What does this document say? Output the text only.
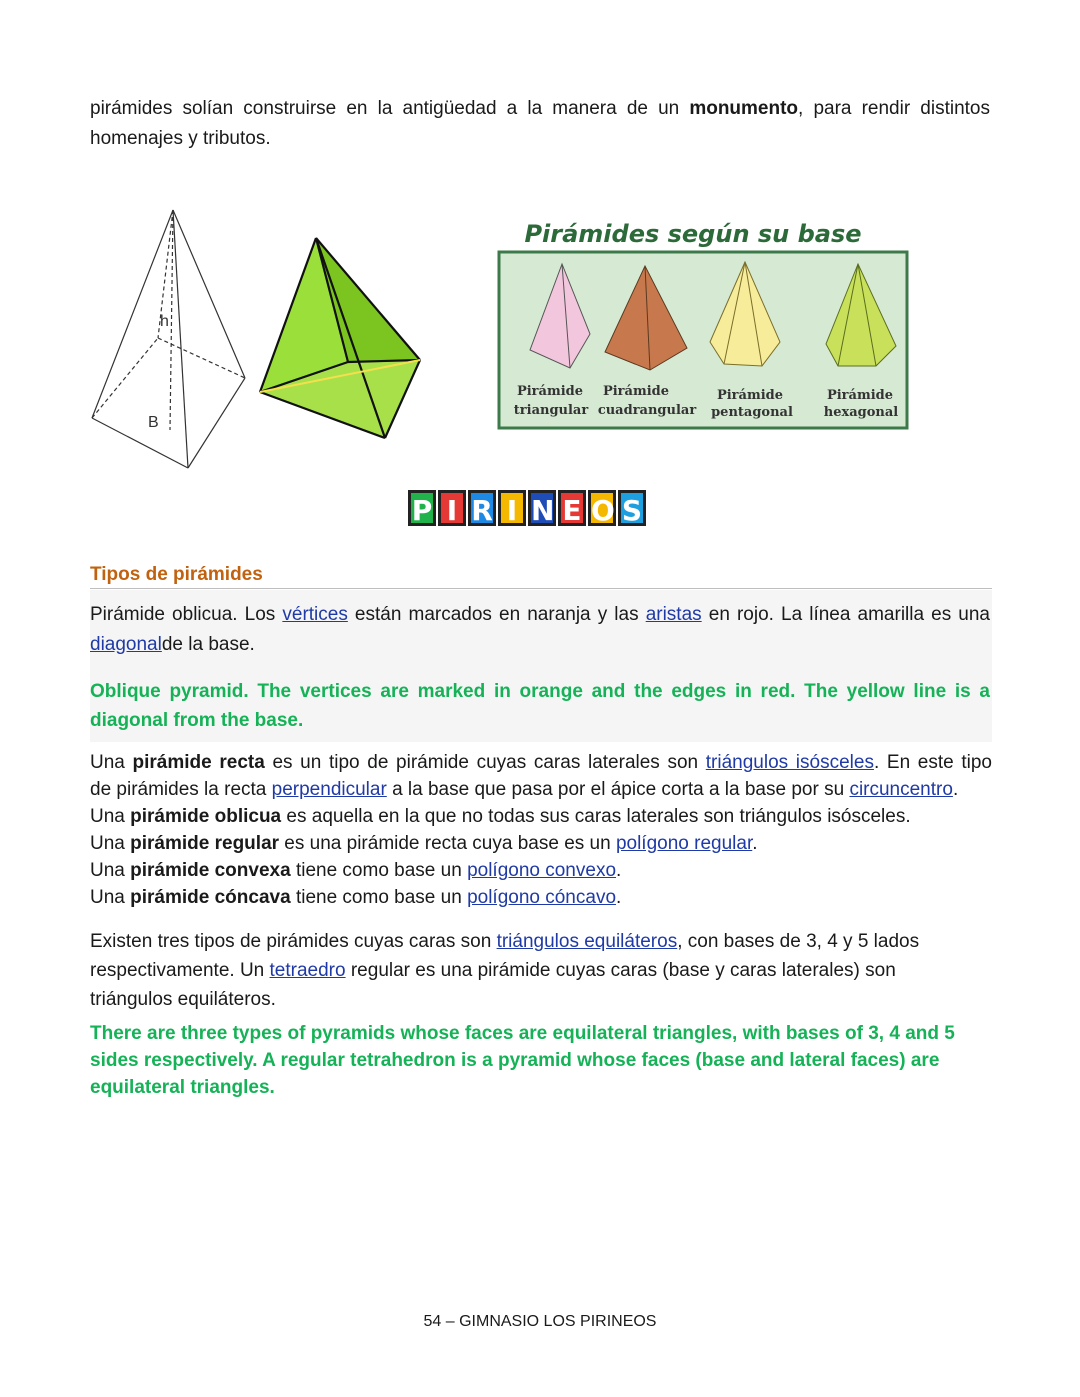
pirámides solían construirse en la antigüedad a la manera de un monumento, para rendir distintos homenajes y tributos.

h
B
Pirámides según su base
Pirámide
triangular
Pirámide
cuadrangular
Pirámide
pentagonal
Pirámide
hexagonal
P I R I N E O S
Tipos de pirámides

Pirámide oblicua. Los vértices están marcados en naranja y las aristas en rojo. La línea amarilla es una diagonalde la base.

Oblique pyramid. The vertices are marked in orange and the edges in red. The yellow line is a diagonal from the base.

Una pirámide recta es un tipo de pirámide cuyas caras laterales son triángulos isósceles. En este tipo
de pirámides la recta perpendicular a la base que pasa por el ápice corta a la base por su circuncentro.
Una pirámide oblicua es aquella en la que no todas sus caras laterales son triángulos isósceles.
Una pirámide regular es una pirámide recta cuya base es un polígono regular.
Una pirámide convexa tiene como base un polígono convexo.
Una pirámide cóncava tiene como base un polígono cóncavo.

Existen tres tipos de pirámides cuyas caras son triángulos equiláteros, con bases de 3, 4 y 5 lados respectivamente. Un tetraedro regular es una pirámide cuyas caras (base y caras laterales) son triángulos equiláteros.

There are three types of pyramids whose faces are equilateral triangles, with bases of 3, 4 and 5 sides respectively. A regular tetrahedron is a pyramid whose faces (base and lateral faces) are equilateral triangles.

54 – GIMNASIO LOS PIRINEOS
